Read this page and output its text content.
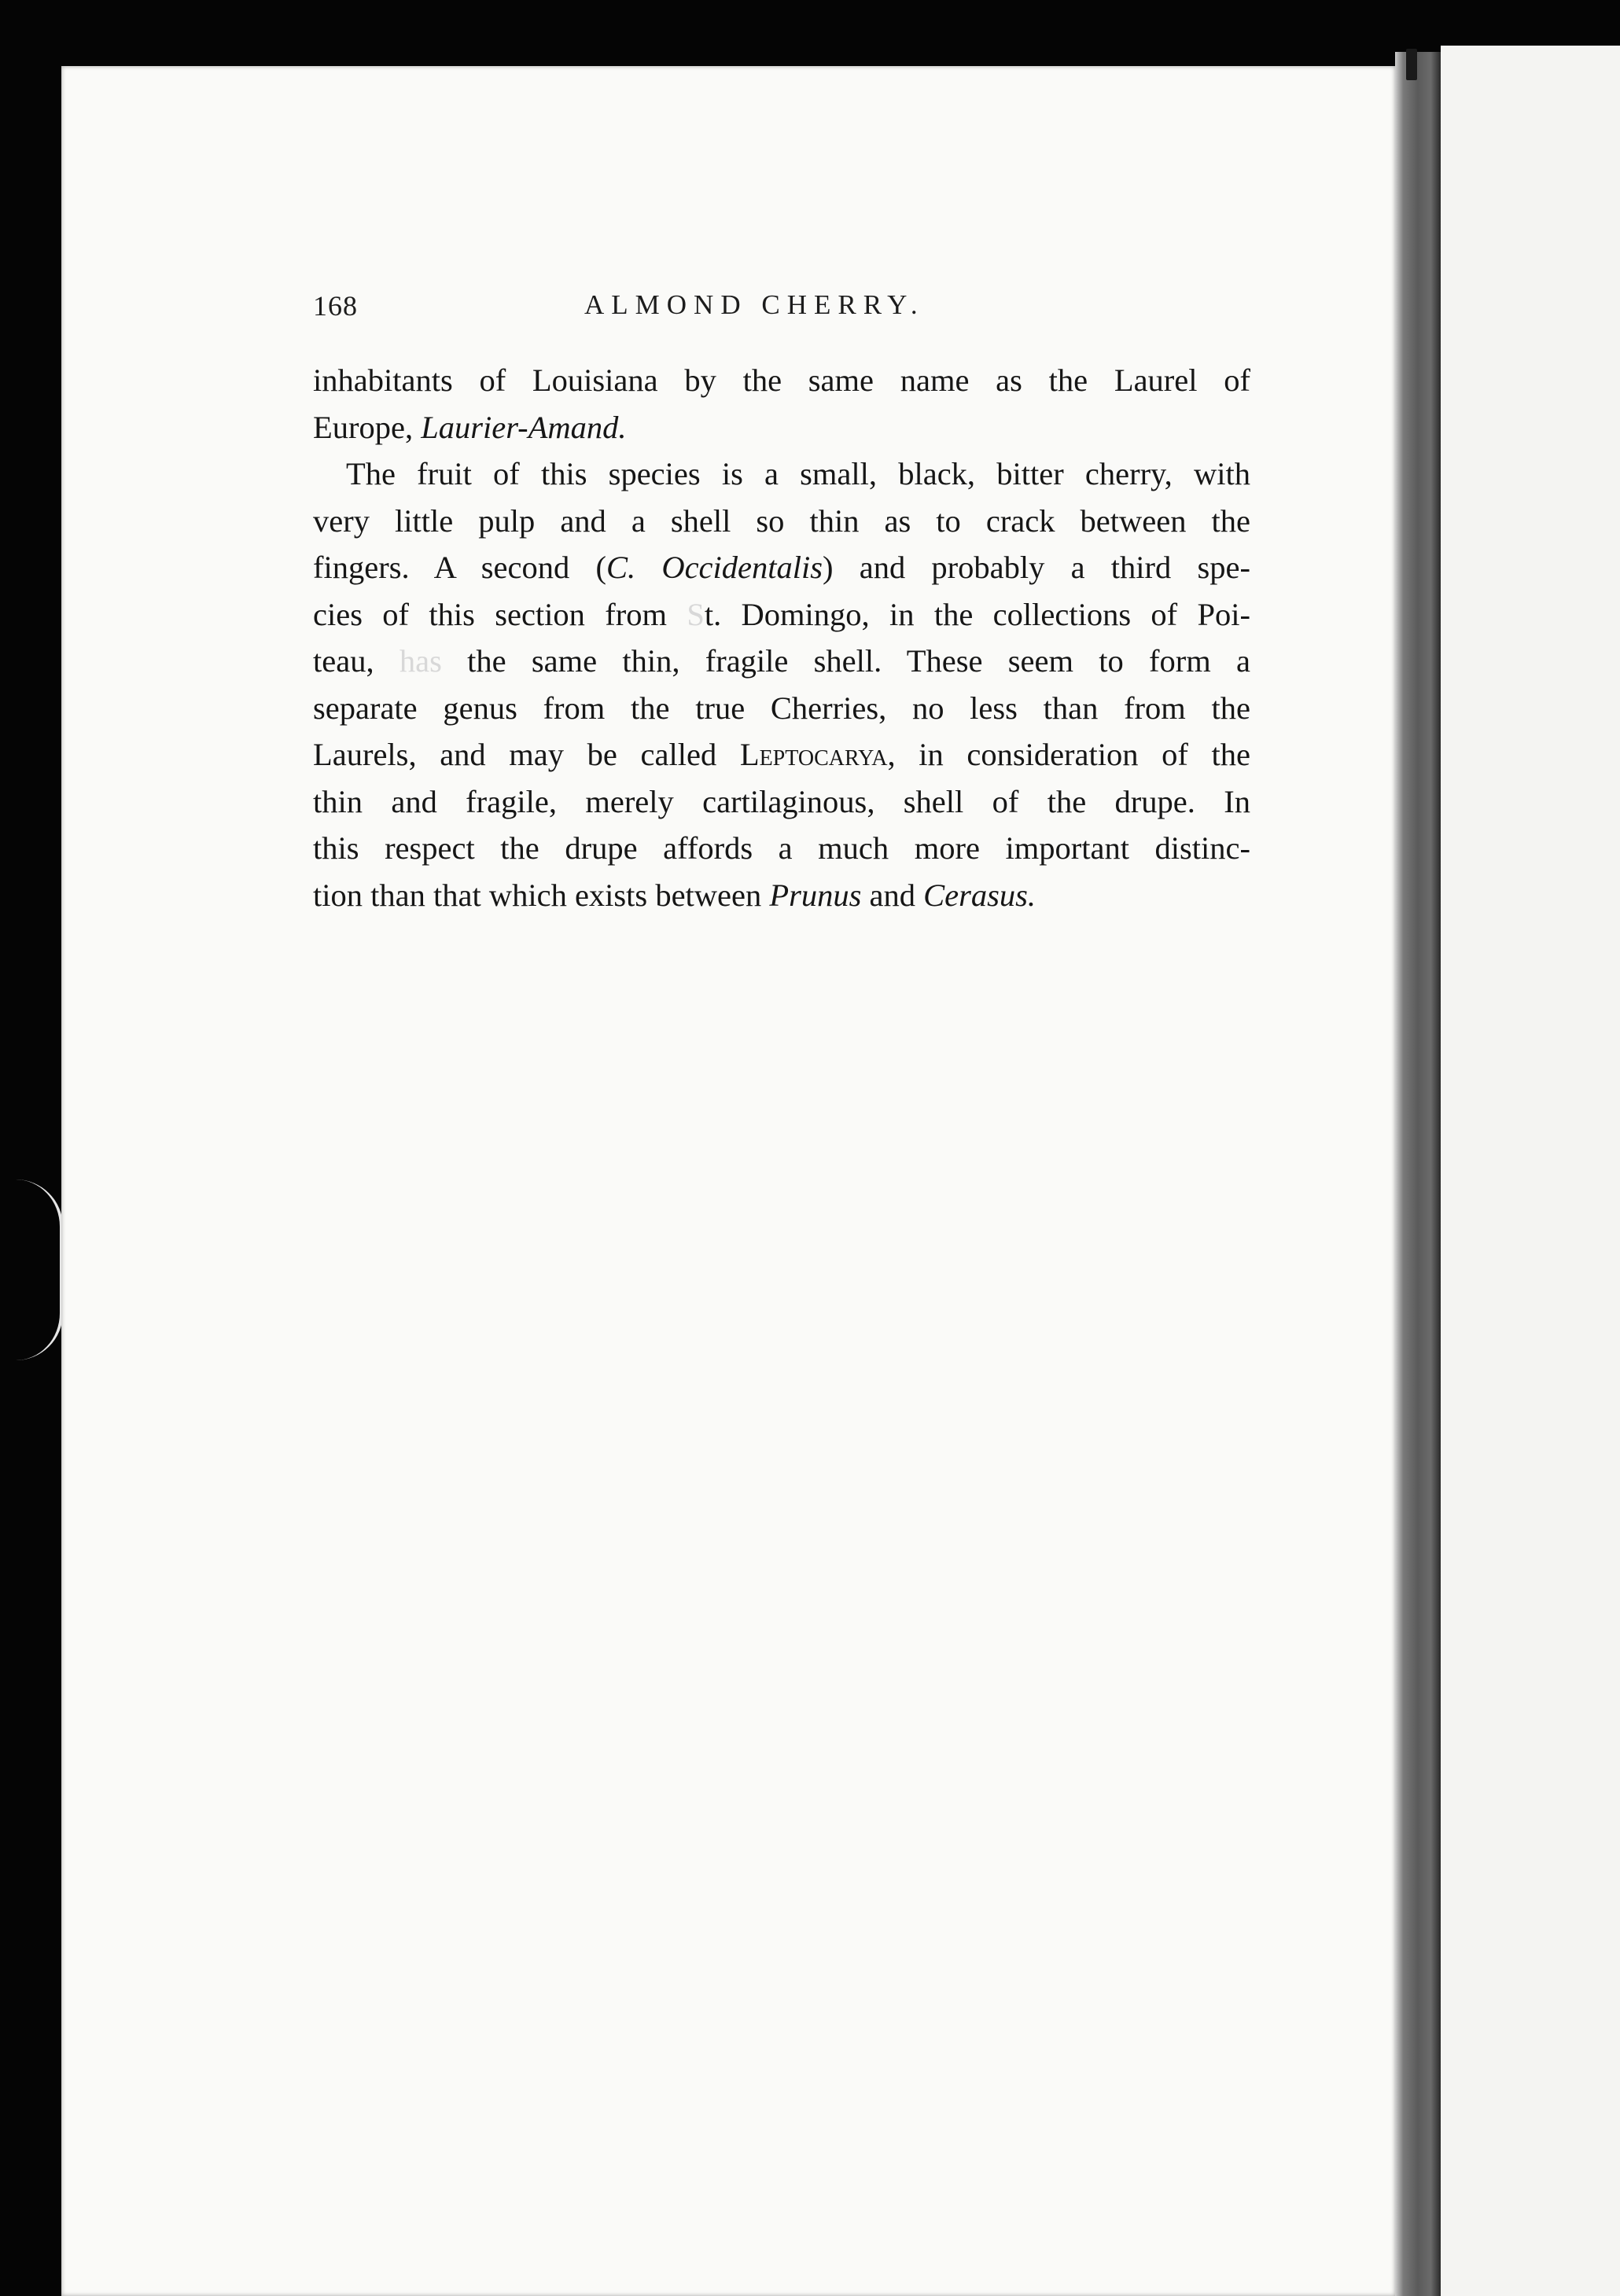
168	ALMOND CHERRY.
inhabitants of Louisiana by the same name as the Laurel of
Europe, Laurier-Amand.
The fruit of this species is a small, black, bitter cherry, with
very little pulp and a shell so thin as to crack between the
fingers. A second (C. Occidentalis) and probably a third spe-
cies of this section from St. Domingo, in the collections of Poi-
teau, has the same thin, fragile shell. These seem to form a
separate genus from the true Cherries, no less than from the
Laurels, and may be called Leptocarya, in consideration of the
thin and fragile, merely cartilaginous, shell of the drupe. In
this respect the drupe affords a much more important distinc-
tion than that which exists between Prunus and Cerasus.
